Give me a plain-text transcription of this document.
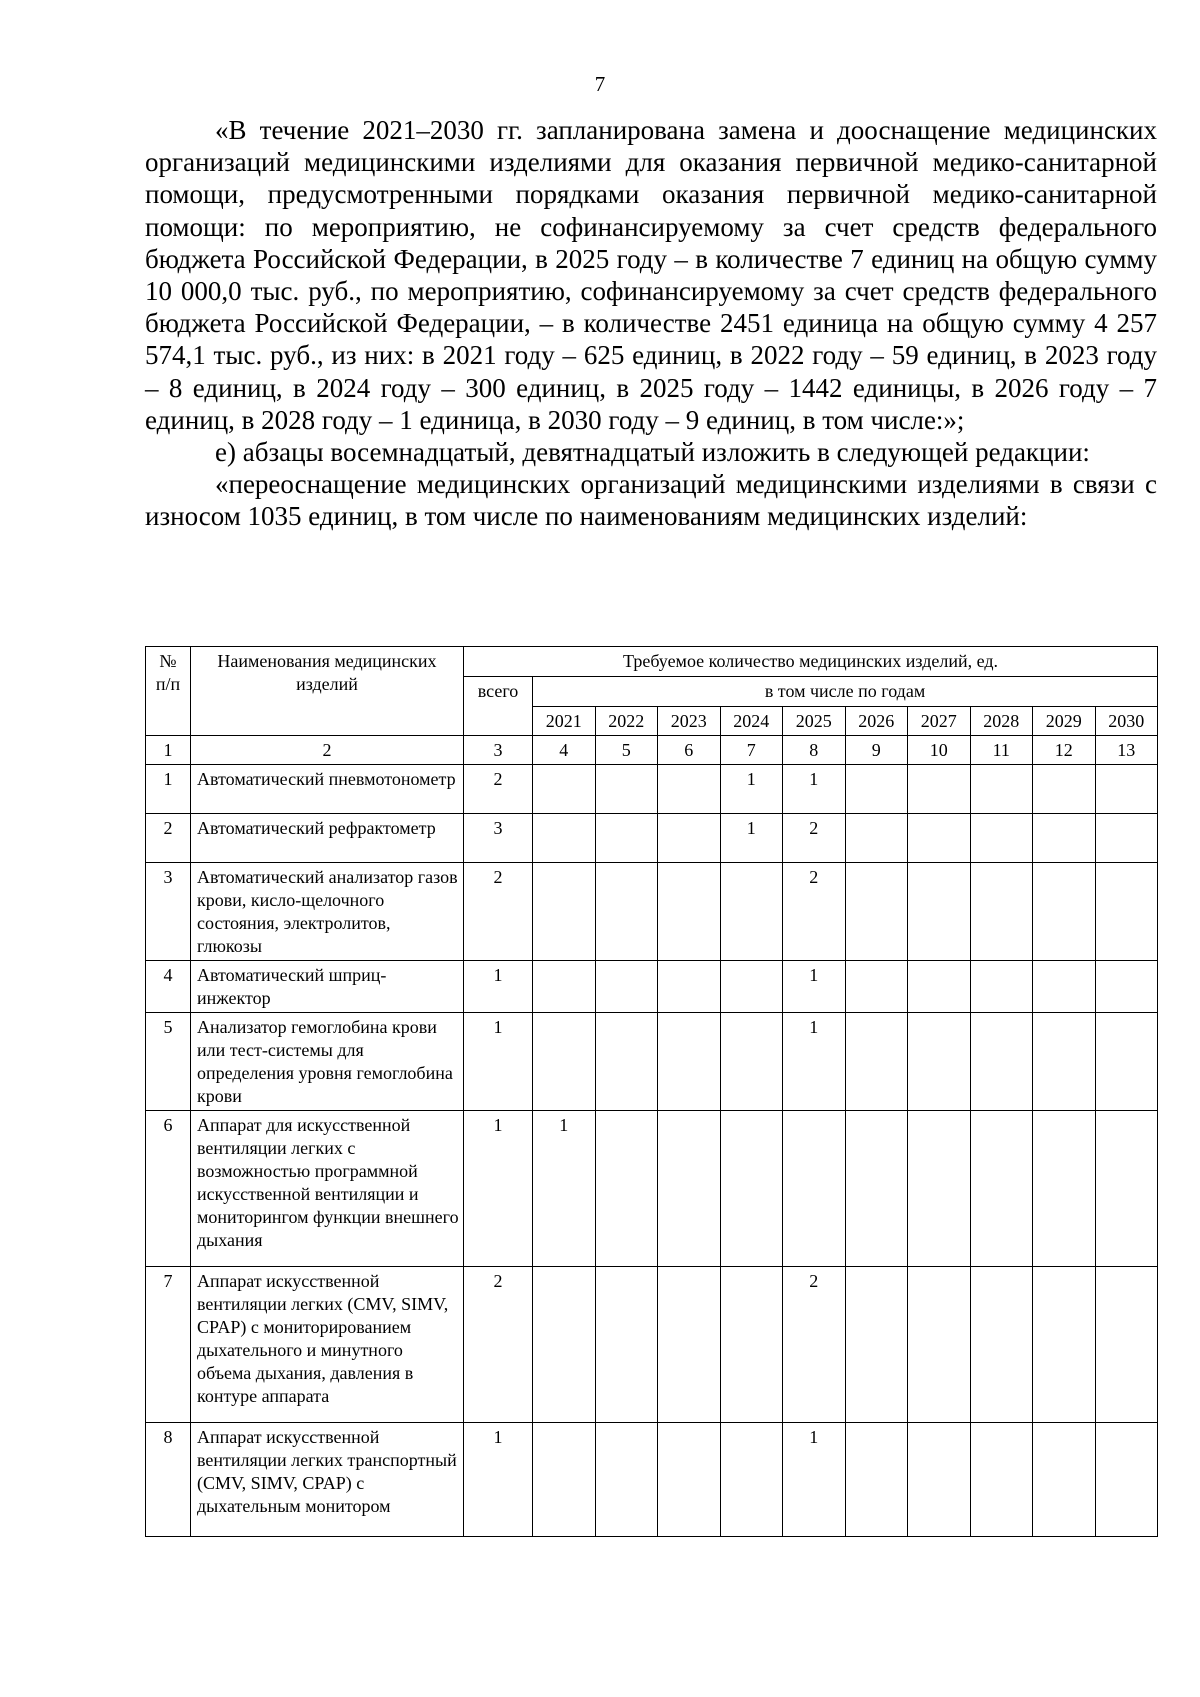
7

«В течение 2021–2030 гг. запланирована замена и дооснащение медицинских организаций медицинскими изделиями для оказания первичной медико-санитарной помощи, предусмотренными порядками оказания первичной медико-санитарной помощи: по мероприятию, не софинансируемому за счет средств федерального бюджета Российской Федерации, в 2025 году – в количестве 7 единиц на общую сумму 10 000,0 тыс. руб., по мероприятию, софинансируемому за счет средств федерального бюджета Российской Федерации, – в количестве 2451 единица на общую сумму 4 257 574,1 тыс. руб., из них: в 2021 году – 625 единиц, в 2022 году – 59 единиц, в 2023 году – 8 единиц, в 2024 году – 300 единиц, в 2025 году – 1442 единицы, в 2026 году – 7 единиц, в 2028 году – 1 единица, в 2030 году – 9 единиц, в том числе:»;

е) абзацы восемнадцатый, девятнадцатый изложить в следующей редакции:

«переоснащение медицинских организаций медицинскими изделиями в связи с износом 1035 единиц, в том числе по наименованиям медицинских изделий:

№ п/п	Наименования медицинских изделий	Требуемое количество медицинских изделий, ед.										
		всего	в том числе по годам									
			2021	2022	2023	2024	2025	2026	2027	2028	2029	2030
1	2	3	4	5	6	7	8	9	10	11	12	13
1	Автоматический пневмотонометр	2				1	1					
2	Автоматический рефрактометр	3				1	2					
3	Автоматический анализатор газов крови, кисло-щелочного состояния, электролитов, глюкозы	2					2					
4	Автоматический шприц-инжектор	1					1					
5	Анализатор гемоглобина крови или тест-системы для определения уровня гемоглобина крови	1					1					
6	Аппарат для искусственной вентиляции легких с возможностью программной искусственной вентиляции и мониторингом функции внешнего дыхания	1	1									
7	Аппарат искусственной вентиляции легких (CMV, SIMV, CPAP) с мониторированием дыхательного и минутного объема дыхания, давления в контуре аппарата	2					2					
8	Аппарат искусственной вентиляции легких транспортный (CMV, SIMV, CPAP) с дыхательным монитором	1					1					
